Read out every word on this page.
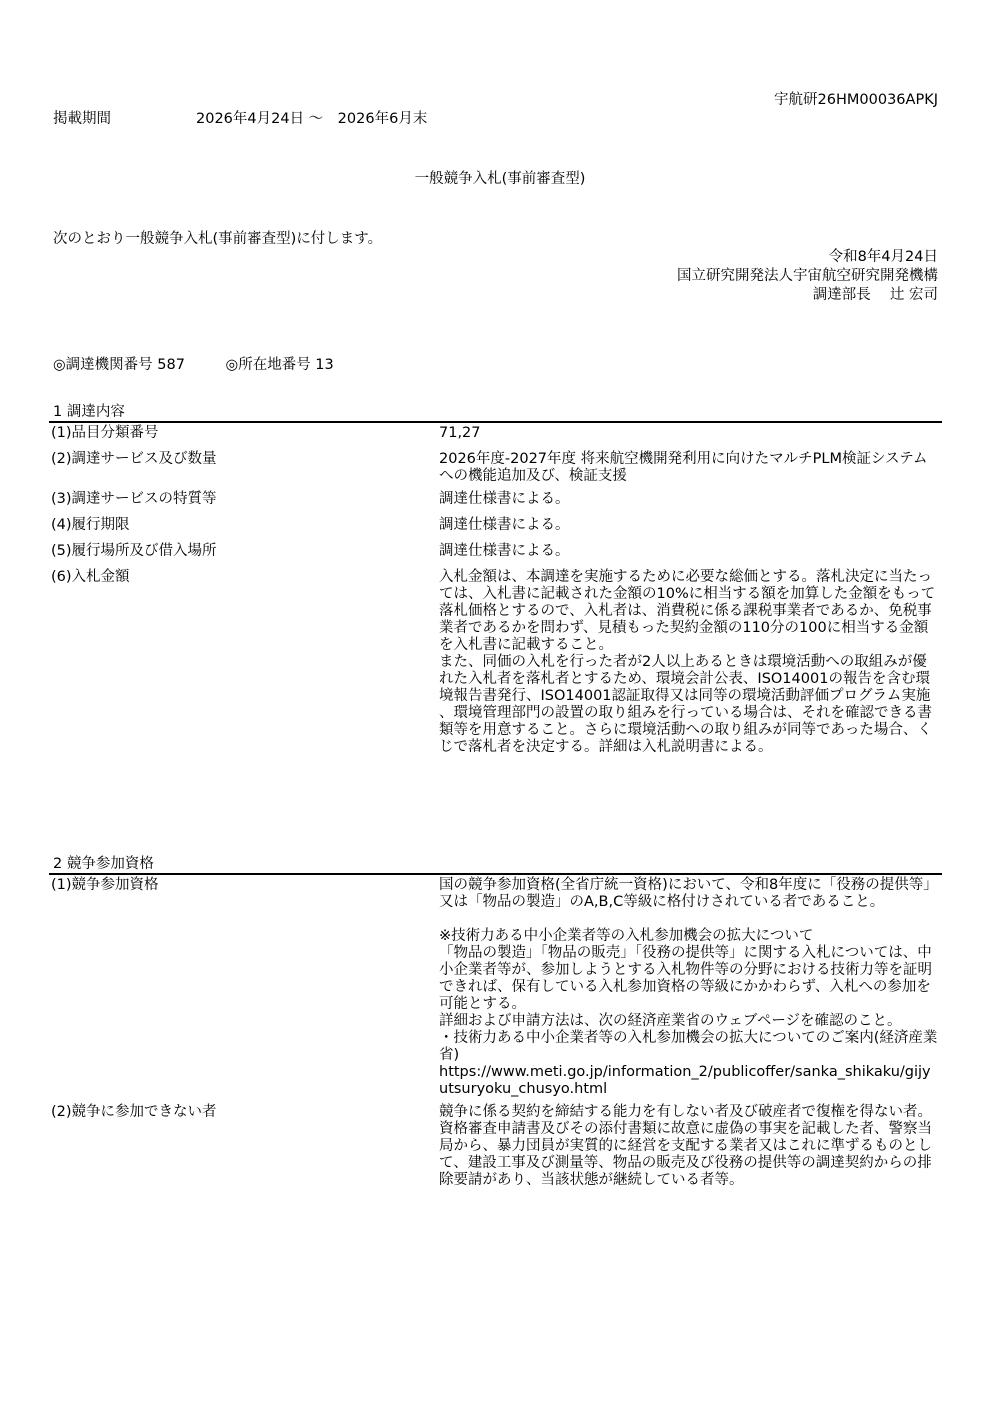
宇航研26HM00036APKJ
掲載期間	2026年4月24日 ～　2026年6月末
一般競争入札(事前審査型)
次のとおり一般競争入札(事前審査型)に付します。
令和8年4月24日
国立研究開発法人宇宙航空研究開発機構
調達部長　 辻 宏司
◎調達機関番号 587	◎所在地番号 13
1 調達内容
(1)品目分類番号	71,27

(2)調達サービス及び数量	2026年度-2027年度 将来航空機開発利用に向けたマルチPLM検証システムへの機能追加及び、検証支援

(3)調達サービスの特質等	調達仕様書による。

(4)履行期限	調達仕様書による。

(5)履行場所及び借入場所	調達仕様書による。

(6)入札金額	入札金額は、本調達を実施するために必要な総価とする。落札決定に当たっては、入札書に記載された金額の10%に相当する額を加算した金額をもって落札価格とするので、入札者は、消費税に係る課税事業者であるか、免税事業者であるかを問わず、見積もった契約金額の110分の100に相当する金額を入札書に記載すること。

また、同価の入札を行った者が2人以上あるときは環境活動への取組みが優れた入札者を落札者とするため、環境会計公表、ISO14001の報告を含む環境報告書発行、ISO14001認証取得又は同等の環境活動評価プログラム実施、環境管理部門の設置の取り組みを行っている場合は、それを確認できる書類等を用意すること。さらに環境活動への取り組みが同等であった場合、くじで落札者を決定する。詳細は入札説明書による。

2 競争参加資格
(1)競争参加資格	国の競争参加資格(全省庁統一資格)において、令和8年度に「役務の提供等」又は「物品の製造」のA,B,C等級に格付けされている者であること。

※技術力ある中小企業者等の入札参加機会の拡大について

「物品の製造」「物品の販売」「役務の提供等」に関する入札については、中小企業者等が、参加しようとする入札物件等の分野における技術力等を証明できれば、保有している入札参加資格の等級にかかわらず、入札への参加を可能とする。

詳細および申請方法は、次の経済産業省のウェブページを確認のこと。

・技術力ある中小企業者等の入札参加機会の拡大についてのご案内(経済産業省)

https://www.meti.go.jp/information_2/publicoffer/sanka_shikaku/gijyutsuryoku_chusyo.html

(2)競争に参加できない者	競争に係る契約を締結する能力を有しない者及び破産者で復権を得ない者。資格審査申請書及びその添付書類に故意に虚偽の事実を記載した者、警察当局から、暴力団員が実質的に経営を支配する業者又はこれに準ずるものとして、建設工事及び測量等、物品の販売及び役務の提供等の調達契約からの排除要請があり、当該状態が継続している者等。
